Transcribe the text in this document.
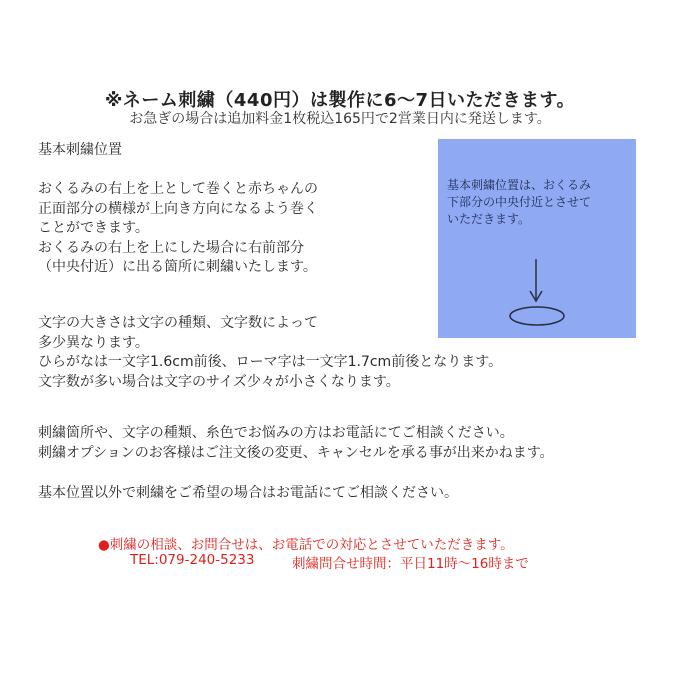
※ネーム刺繍（440円）は製作に6～7日いただきます。
お急ぎの場合は追加料金1枚税込165円で2営業日内に発送します。
基本刺繍位置
おくるみの右上を上として巻くと赤ちゃんの
正面部分の横様が上向き方向になるよう巻く
ことができます。
おくるみの右上を上にした場合に右前部分
（中央付近）に出る箇所に刺繍いたします。
文字の大きさは文字の種類、文字数によって
多少異なります。
ひらがなは一文字1.6cm前後、ローマ字は一文字1.7cm前後となります。
文字数が多い場合は文字のサイズ少々が小さくなります。
刺繍箇所や、文字の種類、糸色でお悩みの方はお電話にてご相談ください。
刺繍オプションのお客様はご注文後の変更、キャンセルを承る事が出来かねます。
基本位置以外で刺繍をご希望の場合はお電話にてご相談ください。
●刺繍の相談、お問合せは、お電話での対応とさせていただきます。
TEL:079-240-5233	刺繍問合せ時間：平日11時～16時まで
基本刺繍位置は、おくるみ
下部分の中央付近とさせて
いただきます。
